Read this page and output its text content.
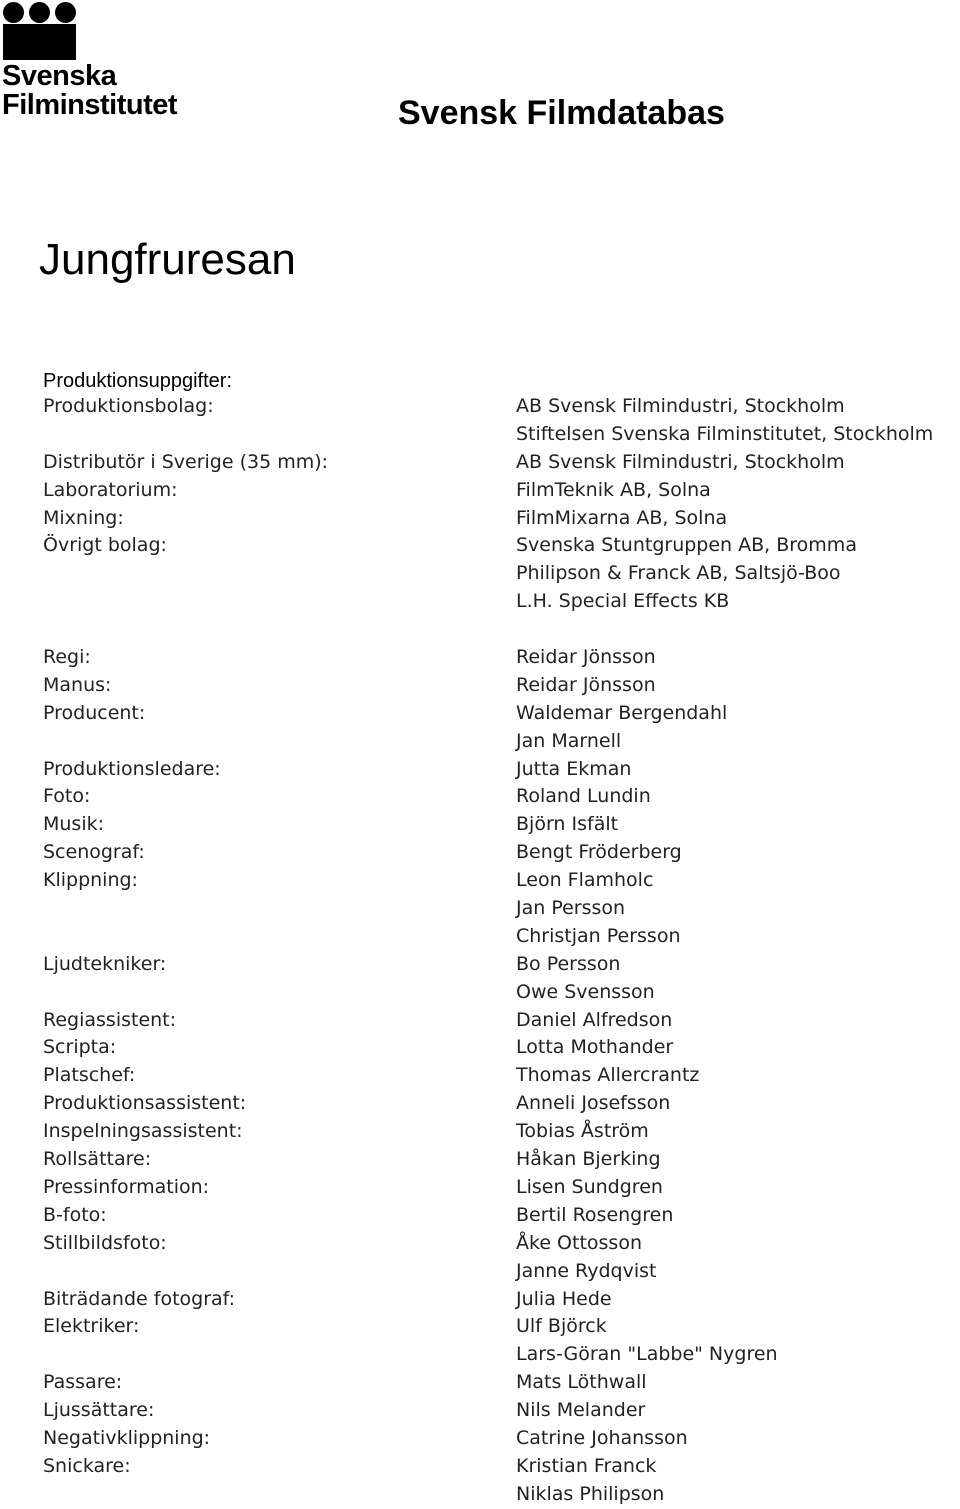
Svenska
Filminstitutet	Svensk Filmdatabas
Jungfruresan
Produktionsuppgifter:
Produktionsbolag:
Distributör i Sverige (35 mm):
Laboratorium:
Mixning:
Övrigt bolag:
Regi:
Manus:
Producent:
Produktionsledare:
Foto:
Musik:
Scenograf:
Klippning:
Ljudtekniker:
Regiassistent:
Scripta:
Platschef:
Produktionsassistent:
Inspelningsassistent:
Rollsättare:
Pressinformation:
B-foto:
Stillbildsfoto:
Biträdande fotograf:
Elektriker:
Passare:
Ljussättare:
Negativklippning:
Snickare:
AB Svensk Filmindustri, Stockholm
Stiftelsen Svenska Filminstitutet, Stockholm
AB Svensk Filmindustri, Stockholm
FilmTeknik AB, Solna
FilmMixarna AB, Solna
Svenska Stuntgruppen AB, Bromma
Philipson & Franck AB, Saltsjö-Boo
L.H. Special Effects KB
Reidar Jönsson
Reidar Jönsson
Waldemar Bergendahl
Jan Marnell
Jutta Ekman
Roland Lundin
Björn Isfält
Bengt Fröderberg
Leon Flamholc
Jan Persson
Christjan Persson
Bo Persson
Owe Svensson
Daniel Alfredson
Lotta Mothander
Thomas Allercrantz
Anneli Josefsson
Tobias Åström
Håkan Bjerking
Lisen Sundgren
Bertil Rosengren
Åke Ottosson
Janne Rydqvist
Julia Hede
Ulf Björck
Lars-Göran "Labbe" Nygren
Mats Löthwall
Nils Melander
Catrine Johansson
Kristian Franck
Niklas Philipson
